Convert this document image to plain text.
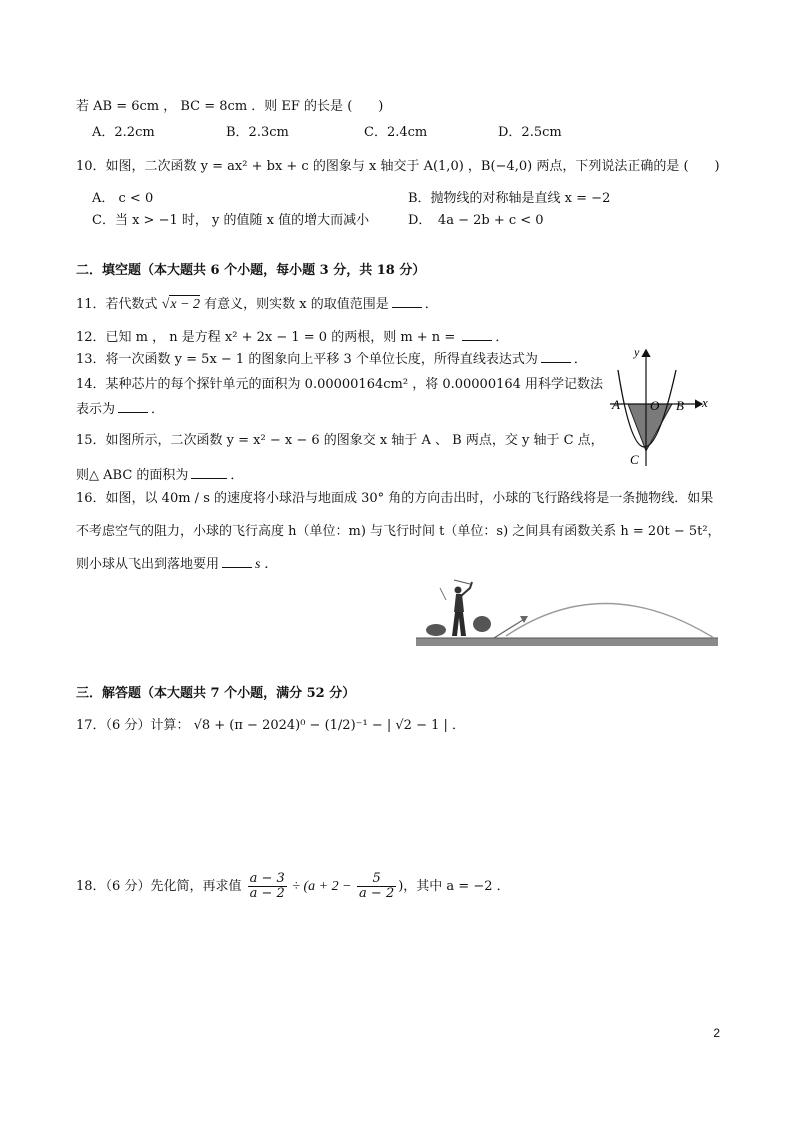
若 AB = 6cm ， BC = 8cm ．则 EF 的长是 (　　)
A．2.2cm	B．2.3cm	C．2.4cm	D．2.5cm
10．如图，二次函数 y = ax² + bx + c 的图象与 x 轴交于 A(1,0) ，B(−4,0) 两点，下列说法正确的是 (　　)
A． c < 0	B．抛物线的对称轴是直线 x = −2
C．当 x > −1 时， y 的值随 x 值的增大而减小	D．　4a − 2b + c < 0
二．填空题（本大题共 6 个小题，每小题 3 分，共 18 分）
11．若代数式 √x − 2 有意义，则实数 x 的取值范围是	．
12．已知 m ， n 是方程 x² + 2x − 1 = 0 的两根，则 m + n =	．
13．将一次函数 y = 5x − 1 的图象向上平移 3 个单位长度，所得直线表达式为	．
14．某种芯片的每个探针单元的面积为 0.00000164cm² ，将 0.00000164 用科学记数法
表示为	．
15．如图所示，二次函数 y = x² − x − 6 的图象交 x 轴于 A 、 B 两点，交 y 轴于 C 点，
则△ ABC 的面积为	．
y
x
A O B
C
16．如图，以 40m / s 的速度将小球沿与地面成 30° 角的方向击出时，小球的飞行路线将是一条抛物线．如果
不考虑空气的阻力，小球的飞行高度 h（单位：m) 与飞行时间 t（单位：s) 之间具有函数关系 h = 20t − 5t²，
则小球从飞出到落地要用	s ．
三．解答题（本大题共 7 个小题，满分 52 分）
17．（6 分）计算： √8 + (π − 2024)⁰ − (1/2)⁻¹ − | √2 − 1 | ．
18．（6 分）先化简，再求值 $\frac{a - 3}{a - 2} \div (a + 2 - \frac{5}{a - 2}$ )，其中 a = −2 ．
2
